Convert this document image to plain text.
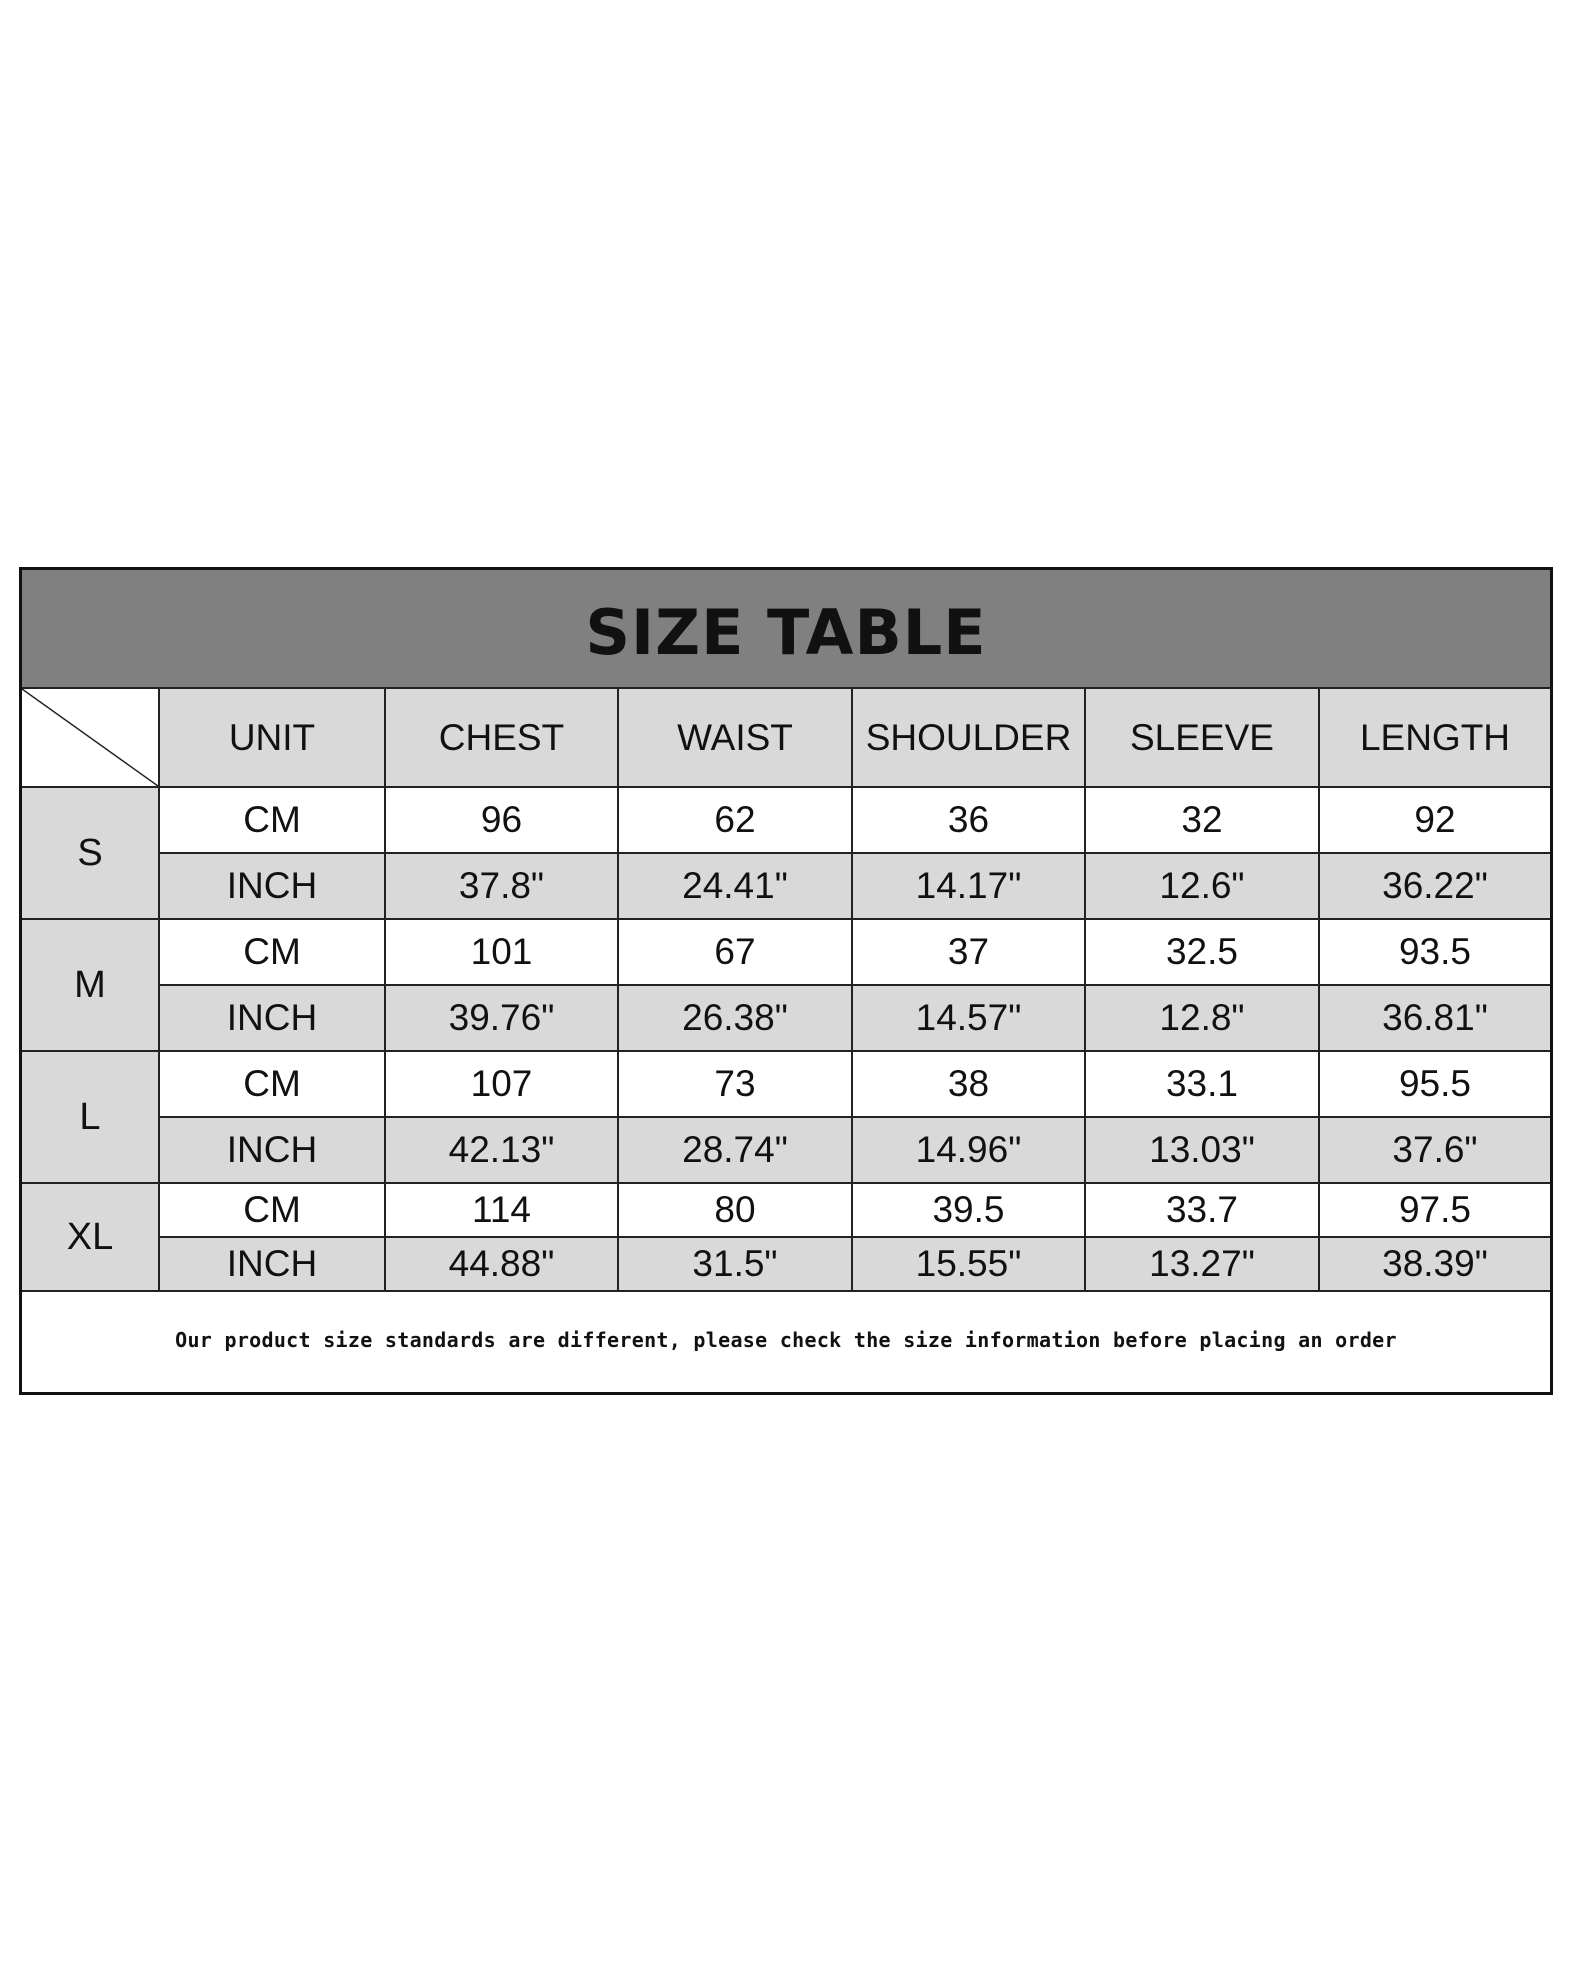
SIZE TABLE
	UNIT	CHEST	WAIST	SHOULDER	SLEEVE	LENGTH
S	CM	96	62	36	32	92
	INCH	37.8"	24.41"	14.17"	12.6"	36.22"
M	CM	101	67	37	32.5	93.5
	INCH	39.76"	26.38"	14.57"	12.8"	36.81"
L	CM	107	73	38	33.1	95.5
	INCH	42.13"	28.74"	14.96"	13.03"	37.6"
XL	CM	114	80	39.5	33.7	97.5
	INCH	44.88"	31.5"	15.55"	13.27"	38.39"
Our product size standards are different, please check the size information before placing an order
